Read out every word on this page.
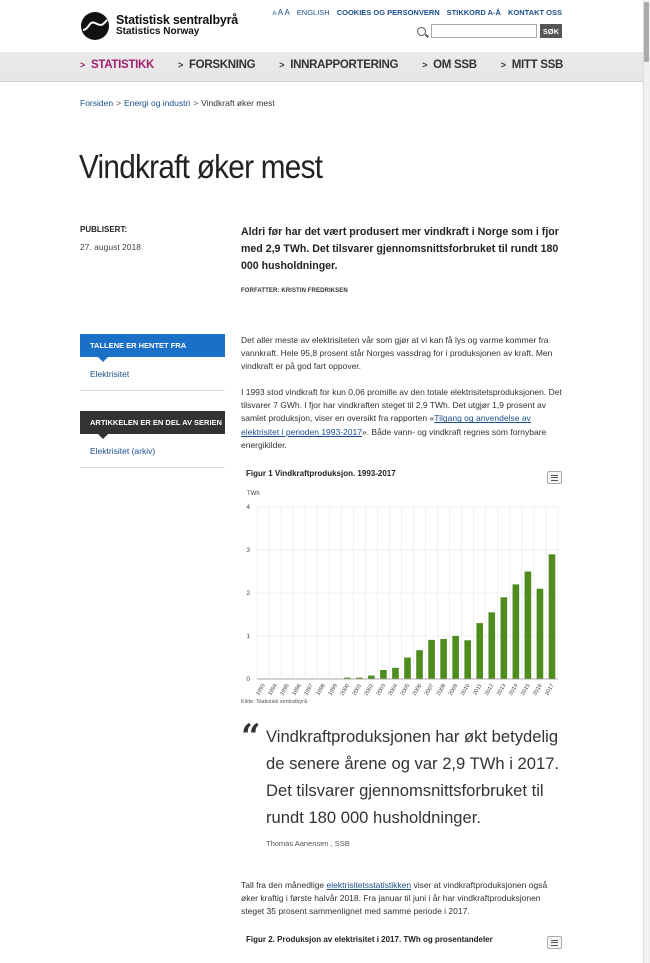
Statistisk sentralbyrå
Statistics Norway
A A A ENGLISH COOKIES OG PERSONVERN STIKKORD A-Å KONTAKT OSS
SØK
> STATISTIKK	> FORSKNING	> INNRAPPORTERING	> OM SSB	> MITT SSB
Forsiden > Energi og industri > Vindkraft øker mest
Vindkraft øker mest
PUBLISERT:
27. august 2018
Aldri før har det vært produsert mer vindkraft i Norge som i fjor med 2,9 TWh. Det tilsvarer gjennomsnittsforbruket til rundt 180 000 husholdninger.
FORFATTER: KRISTIN FREDRIKSEN
TALLENE ER HENTET FRA
Elektrisitet
ARTIKKELEN ER EN DEL AV SERIEN
Elektrisitet (arkiv)
Det aller meste av elektrisiteten vår som gjør at vi kan få lys og varme kommer fra vannkraft. Hele 95,8 prosent står Norges vassdrag for i produksjonen av kraft. Men vindkraft er på god fart oppover.
I 1993 stod vindkraft for kun 0,06 promille av den totale elektrisitetsproduksjonen. Det tilsvarer 7 GWh. I fjor har vindkraften steget til 2,9 TWh. Det utgjør 1,9 prosent av samlet produksjon, viser en oversikt fra rapporten «Tilgang og anvendelse av elektrisitet i perioden 1993-2017». Både vann- og vindkraft regnes som fornybare energikilder.
Figur 1 Vindkraftproduksjon. 1993-2017
0
1
2
3
4
TWh
1993 1994 1995 1996 1997 1998 1999 2000 2001 2002 2003 2004 2005 2006 2007 2008 2009 2010 2011 2012 2013 2014 2015 2016 2017
Kilde: Statistisk sentralbyrå
“ Vindkraftproduksjonen har økt betydelig de senere årene og var 2,9 TWh i 2017. Det tilsvarer gjennomsnittsforbruket til rundt 180 000 husholdninger.
Thomas Aanensen , SSB
Tall fra den månedlige elektrisitetsstatistikken viser at vindkraftproduksjonen også øker kraftig i første halvår 2018. Fra januar til juni i år har vindkraftproduksjonen steget 35 prosent sammenlignet med samme periode i 2017.
Figur 2. Produksjon av elektrisitet i 2017. TWh og prosentandeler
